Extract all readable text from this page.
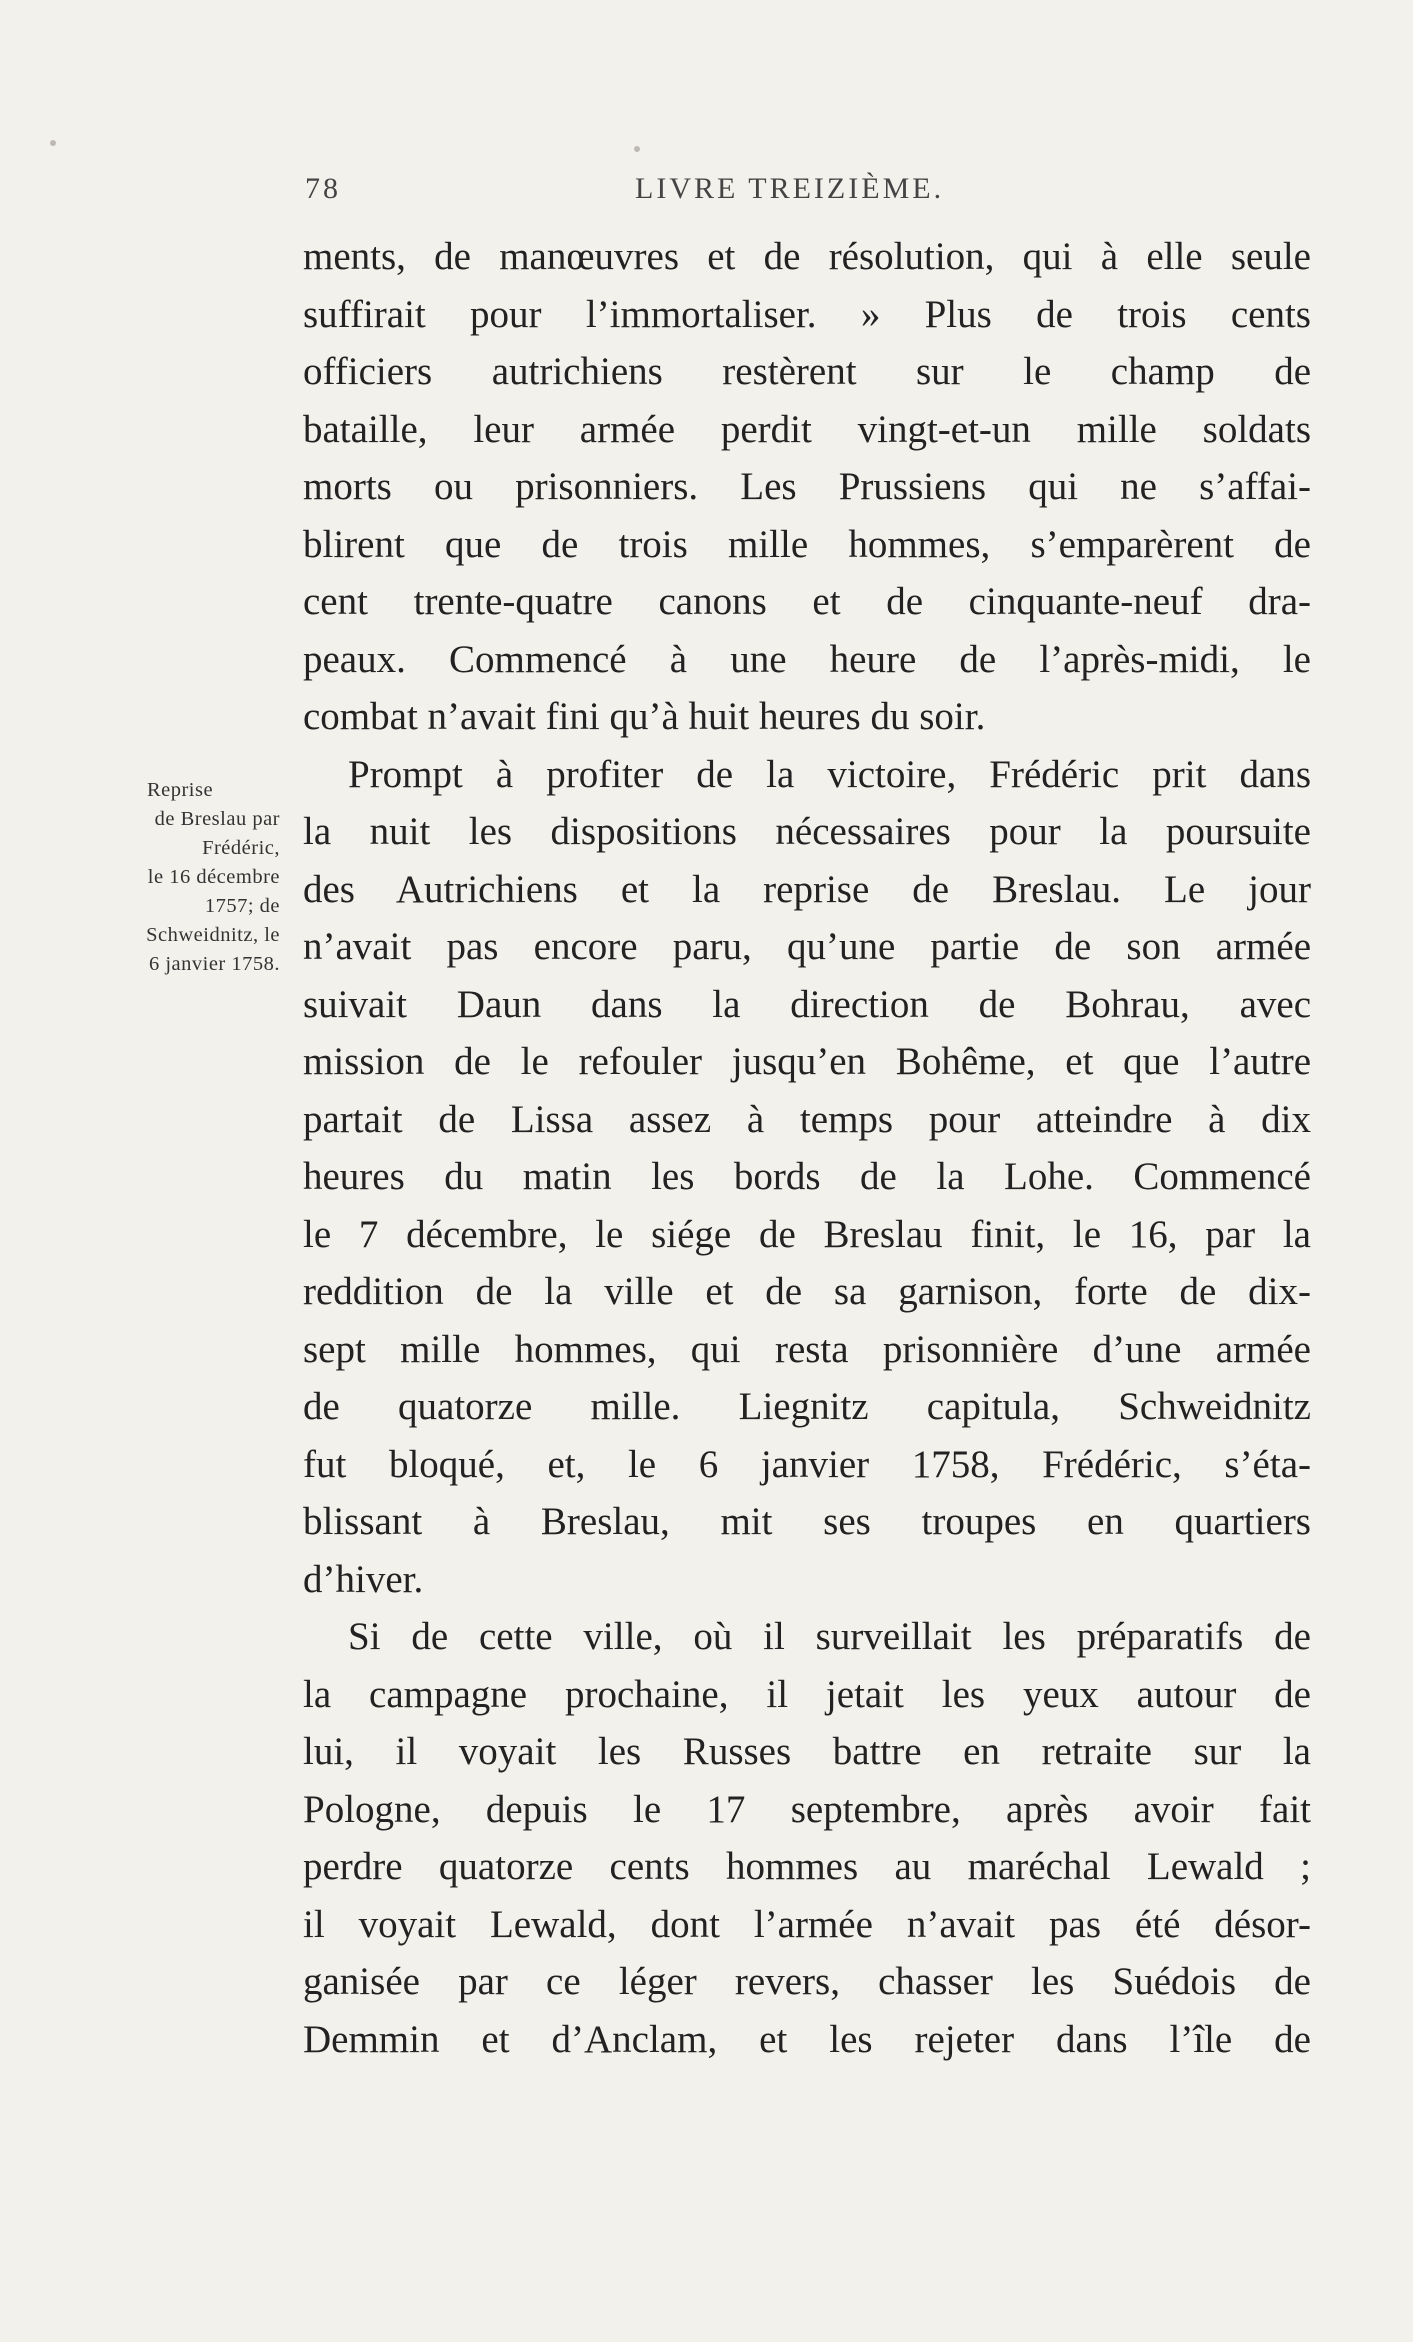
78	LIVRE TREIZIÈME.
Reprise
de Breslau par
Frédéric,
le 16 décembre
1757; de
Schweidnitz, le
6 janvier 1758.
ments, de manœuvres et de résolution, qui à elle seule
suffirait pour l’immortaliser. » Plus de trois cents
officiers autrichiens restèrent sur le champ de
bataille, leur armée perdit vingt-et-un mille soldats
morts ou prisonniers. Les Prussiens qui ne s’affai-
blirent que de trois mille hommes, s’emparèrent de
cent trente-quatre canons et de cinquante-neuf dra-
peaux. Commencé à une heure de l’après-midi, le
combat n’avait fini qu’à huit heures du soir.
Prompt à profiter de la victoire, Frédéric prit dans
la nuit les dispositions nécessaires pour la poursuite
des Autrichiens et la reprise de Breslau. Le jour
n’avait pas encore paru, qu’une partie de son armée
suivait Daun dans la direction de Bohrau, avec
mission de le refouler jusqu’en Bohême, et que l’autre
partait de Lissa assez à temps pour atteindre à dix
heures du matin les bords de la Lohe. Commencé
le 7 décembre, le siége de Breslau finit, le 16, par la
reddition de la ville et de sa garnison, forte de dix-
sept mille hommes, qui resta prisonnière d’une armée
de quatorze mille. Liegnitz capitula, Schweidnitz
fut bloqué, et, le 6 janvier 1758, Frédéric, s’éta-
blissant à Breslau, mit ses troupes en quartiers
d’hiver.
Si de cette ville, où il surveillait les préparatifs de
la campagne prochaine, il jetait les yeux autour de
lui, il voyait les Russes battre en retraite sur la
Pologne, depuis le 17 septembre, après avoir fait
perdre quatorze cents hommes au maréchal Lewald ;
il voyait Lewald, dont l’armée n’avait pas été désor-
ganisée par ce léger revers, chasser les Suédois de
Demmin et d’Anclam, et les rejeter dans l’île de
